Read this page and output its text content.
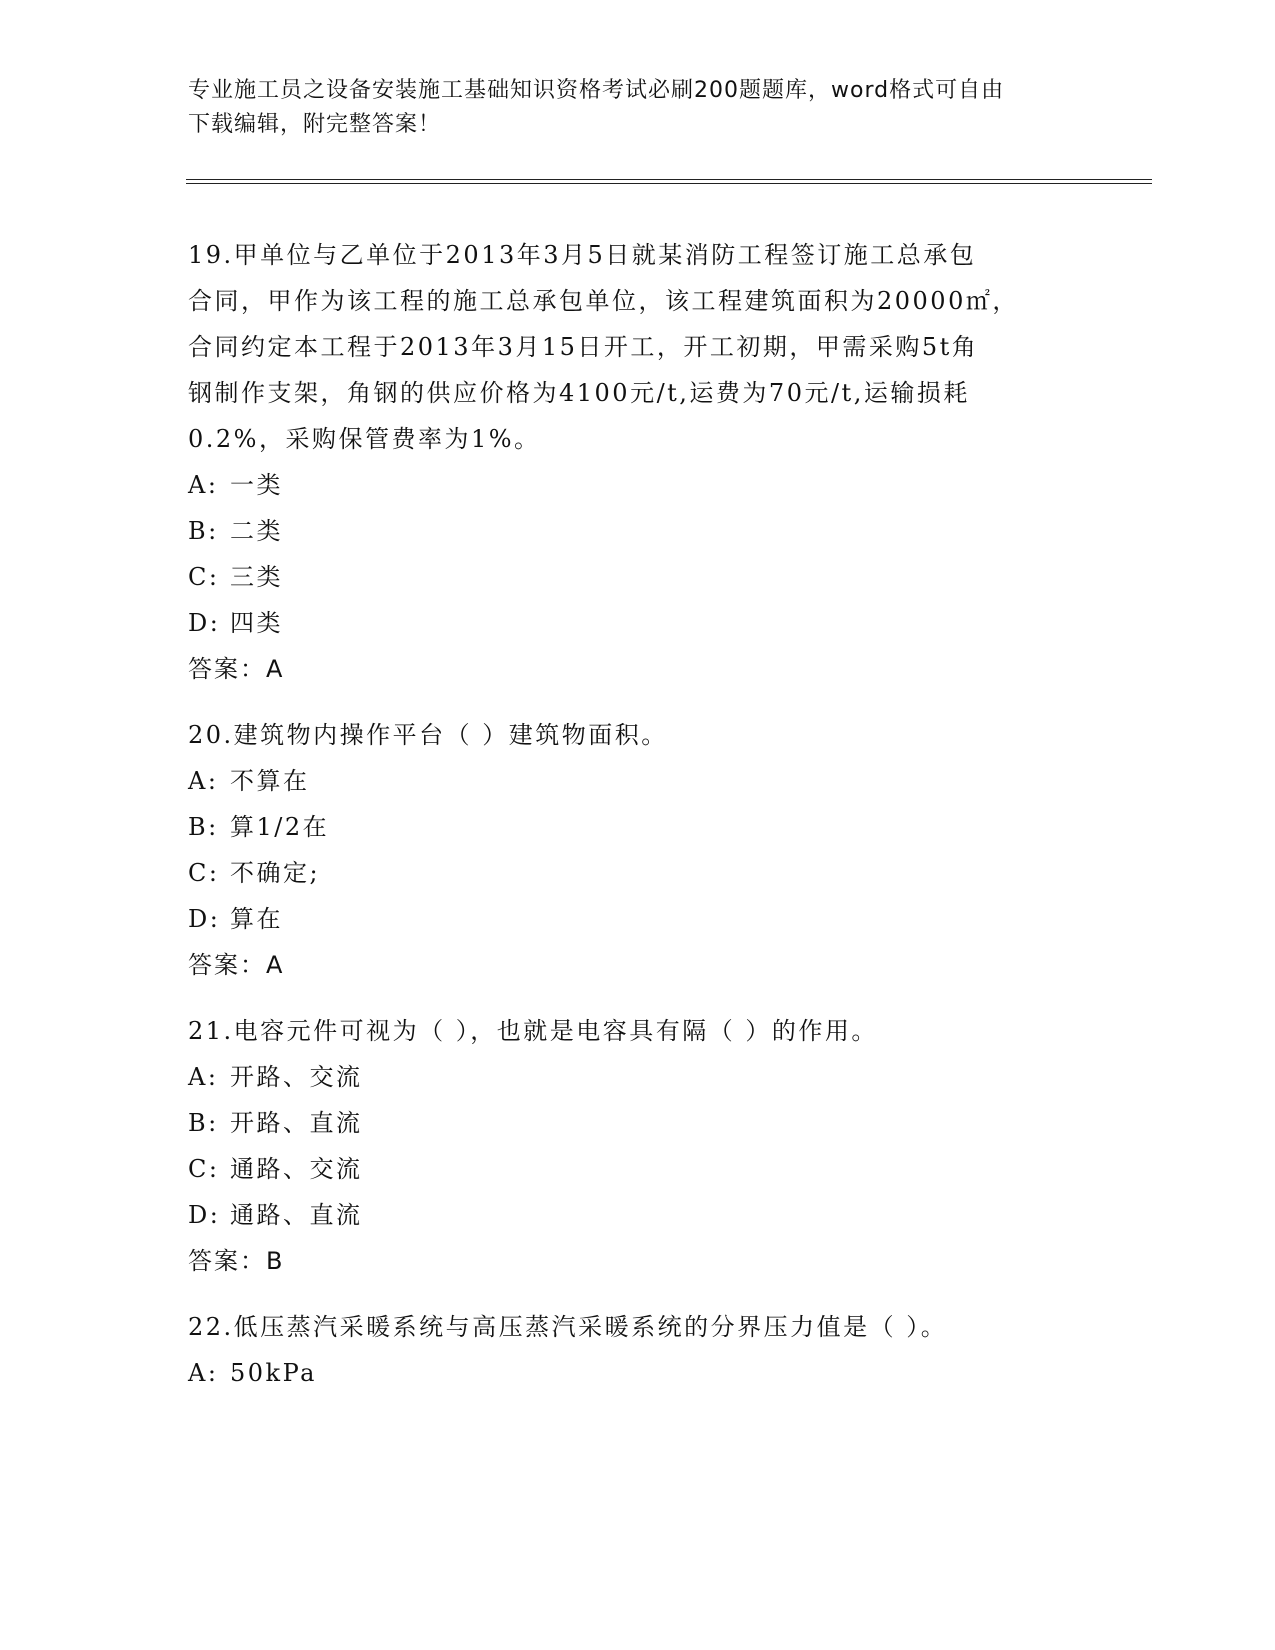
专业施工员之设备安装施工基础知识资格考试必刷200题题库，word格式可自由
下载编辑，附完整答案！
19.甲单位与乙单位于2013年3月5日就某消防工程签订施工总承包
合同，甲作为该工程的施工总承包单位，该工程建筑面积为20000㎡，
合同约定本工程于2013年3月15日开工，开工初期，甲需采购5t角
钢制作支架，角钢的供应价格为4100元/t,运费为70元/t,运输损耗
0.2%，采购保管费率为1%。
A: 一类
B: 二类
C: 三类
D: 四类
答案：A
20.建筑物内操作平台（ ）建筑物面积。
A: 不算在
B: 算1/2在
C: 不确定;
D: 算在
答案：A
21.电容元件可视为（ ），也就是电容具有隔（ ）的作用。
A: 开路、交流
B: 开路、直流
C: 通路、交流
D: 通路、直流
答案：B
22.低压蒸汽采暖系统与高压蒸汽采暖系统的分界压力值是（ ）。
A: 50kPa
